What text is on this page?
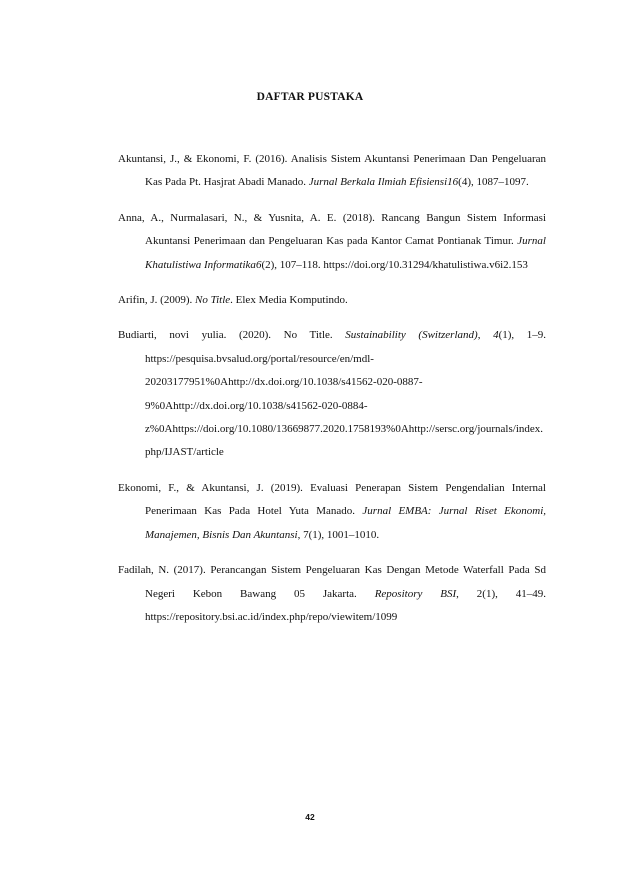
DAFTAR PUSTAKA
Akuntansi, J., & Ekonomi, F. (2016). Analisis Sistem Akuntansi Penerimaan Dan Pengeluaran Kas Pada Pt. Hasjrat Abadi Manado. Jurnal Berkala Ilmiah Efisiensi16(4), 1087–1097.
Anna, A., Nurmalasari, N., & Yusnita, A. E. (2018). Rancang Bangun Sistem Informasi Akuntansi Penerimaan dan Pengeluaran Kas pada Kantor Camat Pontianak Timur. Jurnal Khatulistiwa Informatika6(2), 107–118. https://doi.org/10.31294/khatulistiwa.v6i2.153
Arifin, J. (2009). No Title. Elex Media Komputindo.
Budiarti, novi yulia. (2020). No Title. Sustainability (Switzerland), 4(1), 1–9. https://pesquisa.bvsalud.org/portal/resource/en/mdl-20203177951%0Ahttp://dx.doi.org/10.1038/s41562-020-0887-9%0Ahttp://dx.doi.org/10.1038/s41562-020-0884-z%0Ahttps://doi.org/10.1080/13669877.2020.1758193%0Ahttp://sersc.org/journals/index.php/IJAST/article
Ekonomi, F., & Akuntansi, J. (2019). Evaluasi Penerapan Sistem Pengendalian Internal Penerimaan Kas Pada Hotel Yuta Manado. Jurnal EMBA: Jurnal Riset Ekonomi, Manajemen, Bisnis Dan Akuntansi, 7(1), 1001–1010.
Fadilah, N. (2017). Perancangan Sistem Pengeluaran Kas Dengan Metode Waterfall Pada Sd Negeri Kebon Bawang 05 Jakarta. Repository BSI, 2(1), 41–49. https://repository.bsi.ac.id/index.php/repo/viewitem/1099
42
